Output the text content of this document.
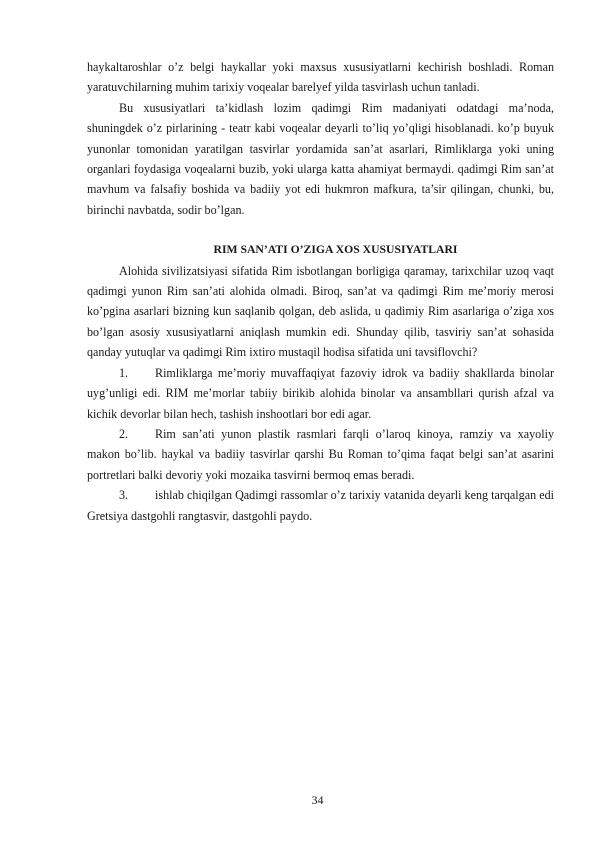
haykaltaroshlar o’z belgi haykallar yoki maxsus xususiyatlarni kechirish boshladi. Roman yaratuvchilarning muhim tarixiy voqealar barelyef yilda tasvirlash uchun tanladi.

Bu xususiyatlari ta’kidlash lozim qadimgi Rim madaniyati odatdagi ma’noda, shuningdek o’z pirlarining - teatr kabi voqealar deyarli to’liq yo’qligi hisoblanadi. ko’p buyuk yunonlar tomonidan yaratilgan tasvirlar yordamida san’at asarlari, Rimliklarga yoki uning organlari foydasiga voqealarni buzib, yoki ularga katta ahamiyat bermaydi. qadimgi Rim san’at mavhum va falsafiy boshida va badiiy yot edi hukmron mafkura, ta’sir qilingan, chunki, bu, birinchi navbatda, sodir bo’lgan.

RIM SAN’ATI O’ZIGA XOS XUSUSIYATLARI

Alohida sivilizatsiyasi sifatida Rim isbotlangan borligiga qaramay, tarixchilar uzoq vaqt qadimgi yunon Rim san’ati alohida olmadi. Biroq, san’at va qadimgi Rim me’moriy merosi ko’pgina asarlari bizning kun saqlanib qolgan, deb aslida, u qadimiy Rim asarlariga o’ziga xos bo’lgan asosiy xususiyatlarni aniqlash mumkin edi. Shunday qilib, tasviriy san’at sohasida qanday yutuqlar va qadimgi Rim ixtiro mustaqil hodisa sifatida uni tavsiflovchi?

1. Rimliklarga me’moriy muvaffaqiyat fazoviy idrok va badiiy shakllarda binolar uyg’unligi edi. RIM me’morlar tabiiy birikib alohida binolar va ansambllari qurish afzal va kichik devorlar bilan hech, tashish inshootlari bor edi agar.

2. Rim san’ati yunon plastik rasmlari farqli o’laroq kinoya, ramziy va xayoliy makon bo’lib. haykal va badiiy tasvirlar qarshi Bu Roman to’qima faqat belgi san’at asarini portretlari balki devoriy yoki mozaika tasvirni bermoq emas beradi.

3. ishlab chiqilgan Qadimgi rassomlar o’z tarixiy vatanida deyarli keng tarqalgan edi Gretsiya dastgohli rangtasvir, dastgohli paydo.

34
